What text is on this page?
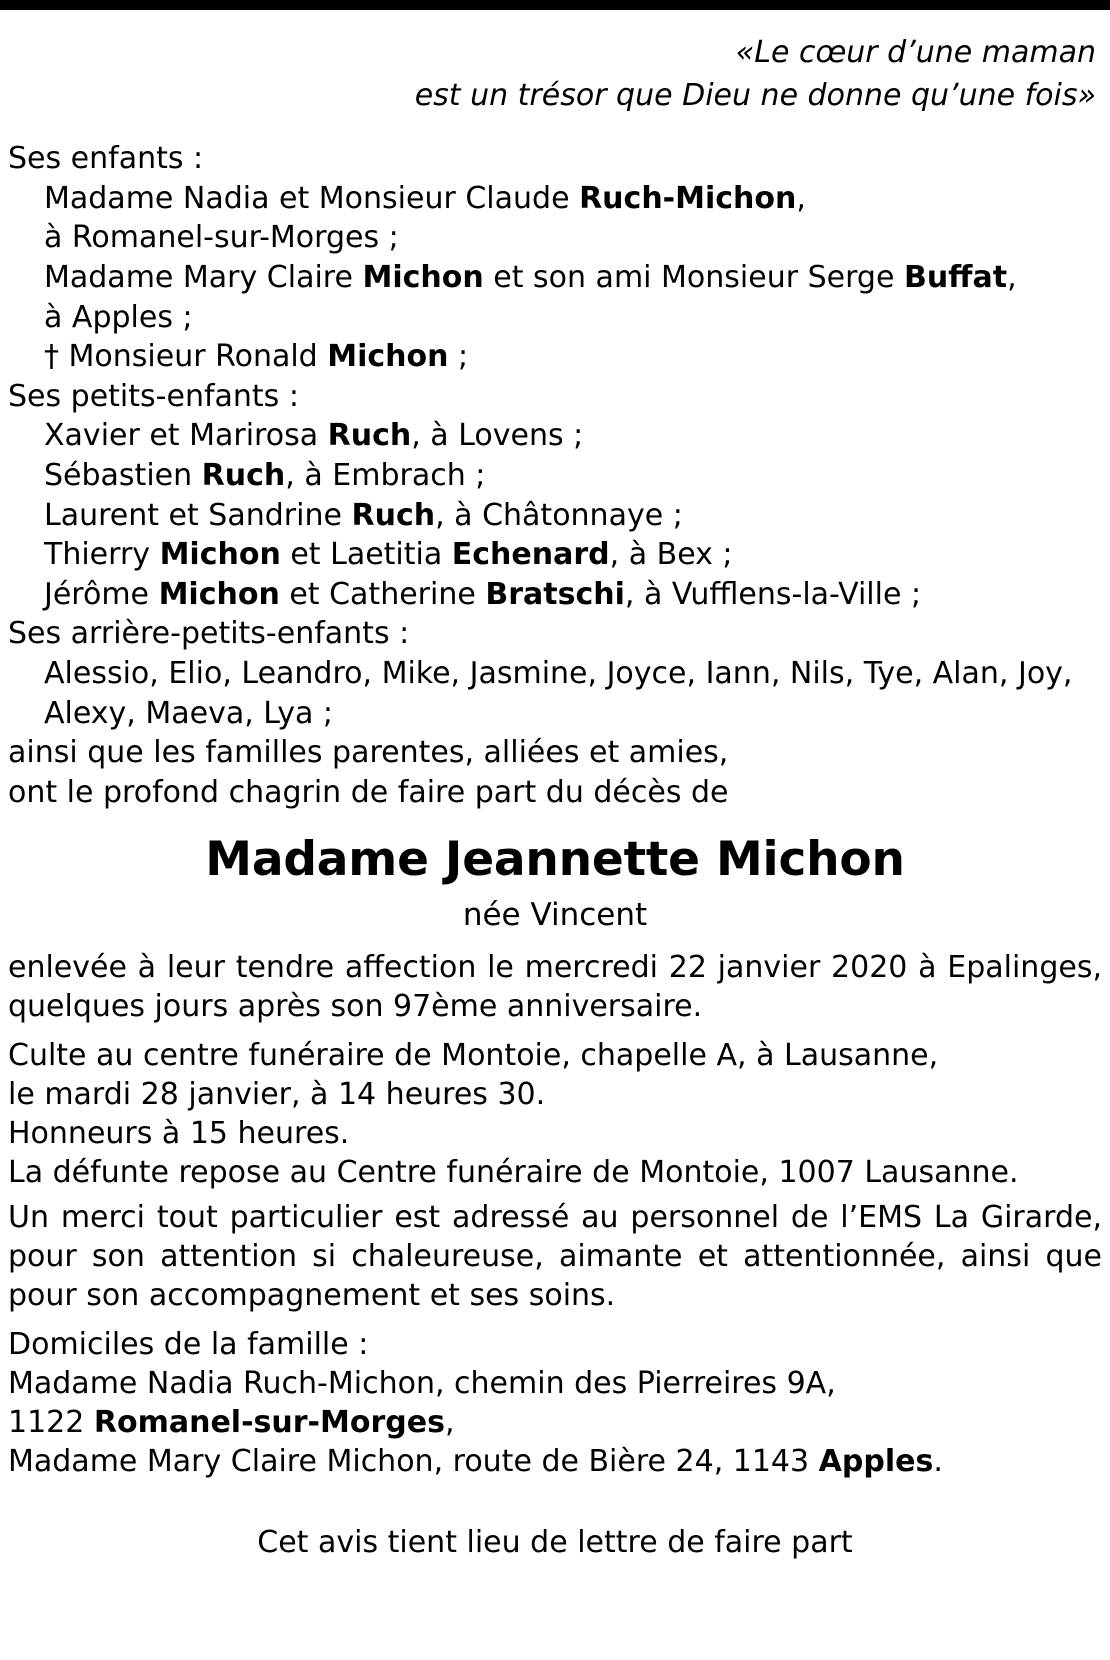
«Le cœur d’une maman
est un trésor que Dieu ne donne qu’une fois»
Ses enfants :
Madame Nadia et Monsieur Claude Ruch-Michon,
à Romanel-sur-Morges ;
Madame Mary Claire Michon et son ami Monsieur Serge Buffat,
à Apples ;
† Monsieur Ronald Michon ;
Ses petits-enfants :
Xavier et Marirosa Ruch, à Lovens ;
Sébastien Ruch, à Embrach ;
Laurent et Sandrine Ruch, à Châtonnaye ;
Thierry Michon et Laetitia Echenard, à Bex ;
Jérôme Michon et Catherine Bratschi, à Vufflens-la-Ville ;
Ses arrière-petits-enfants :
Alessio, Elio, Leandro, Mike, Jasmine, Joyce, Iann, Nils, Tye, Alan, Joy,
Alexy, Maeva, Lya ;
ainsi que les familles parentes, alliées et amies,
ont le profond chagrin de faire part du décès de
Madame Jeannette Michon
née Vincent

enlevée à leur tendre affection le mercredi 22 janvier 2020 à Epalinges, quelques jours après son 97ème anniversaire.

Culte au centre funéraire de Montoie, chapelle A, à Lausanne,
le mardi 28 janvier, à 14 heures 30.
Honneurs à 15 heures.
La défunte repose au Centre funéraire de Montoie, 1007 Lausanne.

Un merci tout particulier est adressé au personnel de l’EMS La Girarde, pour son attention si chaleureuse, aimante et attentionnée, ainsi que pour son accompagnement et ses soins.

Domiciles de la famille :
Madame Nadia Ruch-Michon, chemin des Pierreires 9A,
1122 Romanel-sur-Morges,
Madame Mary Claire Michon, route de Bière 24, 1143 Apples.
Cet avis tient lieu de lettre de faire part
